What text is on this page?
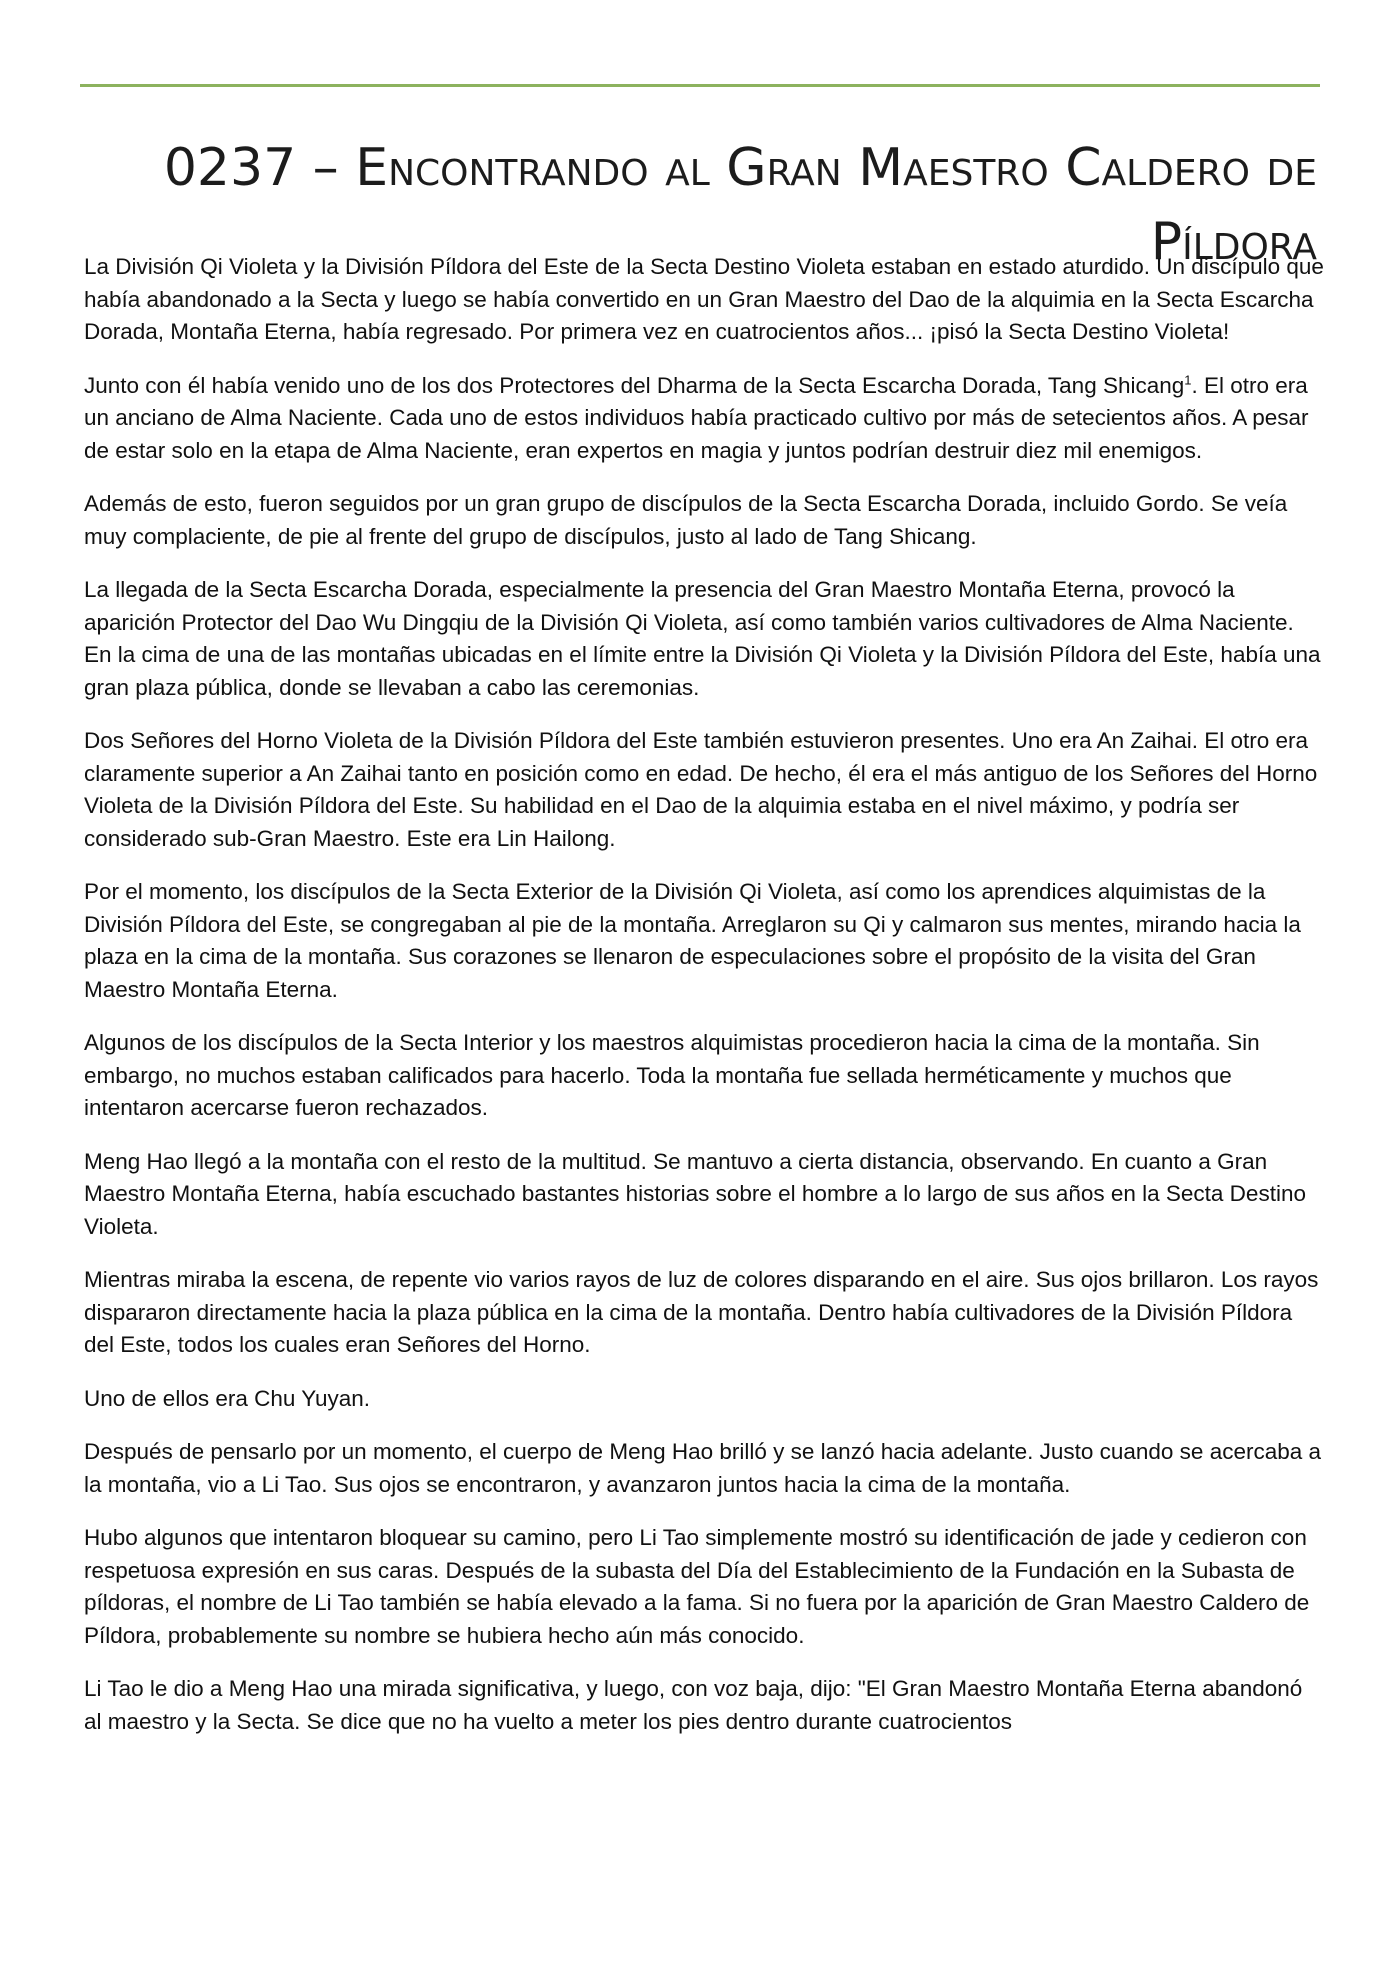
0237 – Encontrando al Gran Maestro Caldero de
Píldora

La División Qi Violeta y la División Píldora del Este de la Secta Destino Violeta estaban en estado aturdido. Un discípulo que había abandonado a la Secta y luego se había convertido en un Gran Maestro del Dao de la alquimia en la Secta Escarcha Dorada, Montaña Eterna, había regresado. Por primera vez en cuatrocientos años... ¡pisó la Secta Destino Violeta!

Junto con él había venido uno de los dos Protectores del Dharma de la Secta Escarcha Dorada, Tang Shicang$^1$. El otro era un anciano de Alma Naciente. Cada uno de estos individuos había practicado cultivo por más de setecientos años. A pesar de estar solo en la etapa de Alma Naciente, eran expertos en magia y juntos podrían destruir diez mil enemigos.

Además de esto, fueron seguidos por un gran grupo de discípulos de la Secta Escarcha Dorada, incluido Gordo. Se veía muy complaciente, de pie al frente del grupo de discípulos, justo al lado de Tang Shicang.

La llegada de la Secta Escarcha Dorada, especialmente la presencia del Gran Maestro Montaña Eterna, provocó la aparición Protector del Dao Wu Dingqiu de la División Qi Violeta, así como también varios cultivadores de Alma Naciente. En la cima de una de las montañas ubicadas en el límite entre la División Qi Violeta y la División Píldora del Este, había una gran plaza pública, donde se llevaban a cabo las ceremonias.

Dos Señores del Horno Violeta de la División Píldora del Este también estuvieron presentes. Uno era An Zaihai. El otro era claramente superior a An Zaihai tanto en posición como en edad. De hecho, él era el más antiguo de los Señores del Horno Violeta de la División Píldora del Este. Su habilidad en el Dao de la alquimia estaba en el nivel máximo, y podría ser considerado sub-Gran Maestro. Este era Lin Hailong.

Por el momento, los discípulos de la Secta Exterior de la División Qi Violeta, así como los aprendices alquimistas de la División Píldora del Este, se congregaban al pie de la montaña. Arreglaron su Qi y calmaron sus mentes, mirando hacia la plaza en la cima de la montaña. Sus corazones se llenaron de especulaciones sobre el propósito de la visita del Gran Maestro Montaña Eterna.

Algunos de los discípulos de la Secta Interior y los maestros alquimistas procedieron hacia la cima de la montaña. Sin embargo, no muchos estaban calificados para hacerlo. Toda la montaña fue sellada herméticamente y muchos que intentaron acercarse fueron rechazados.

Meng Hao llegó a la montaña con el resto de la multitud. Se mantuvo a cierta distancia, observando. En cuanto a Gran Maestro Montaña Eterna, había escuchado bastantes historias sobre el hombre a lo largo de sus años en la Secta Destino Violeta.

Mientras miraba la escena, de repente vio varios rayos de luz de colores disparando en el aire. Sus ojos brillaron. Los rayos dispararon directamente hacia la plaza pública en la cima de la montaña. Dentro había cultivadores de la División Píldora del Este, todos los cuales eran Señores del Horno.

Uno de ellos era Chu Yuyan.

Después de pensarlo por un momento, el cuerpo de Meng Hao brilló y se lanzó hacia adelante. Justo cuando se acercaba a la montaña, vio a Li Tao. Sus ojos se encontraron, y avanzaron juntos hacia la cima de la montaña.

Hubo algunos que intentaron bloquear su camino, pero Li Tao simplemente mostró su identificación de jade y cedieron con respetuosa expresión en sus caras. Después de la subasta del Día del Establecimiento de la Fundación en la Subasta de píldoras, el nombre de Li Tao también se había elevado a la fama. Si no fuera por la aparición de Gran Maestro Caldero de Píldora, probablemente su nombre se hubiera hecho aún más conocido.

Li Tao le dio a Meng Hao una mirada significativa, y luego, con voz baja, dijo: "El Gran Maestro Montaña Eterna abandonó al maestro y la Secta. Se dice que no ha vuelto a meter los pies dentro durante cuatrocientos
